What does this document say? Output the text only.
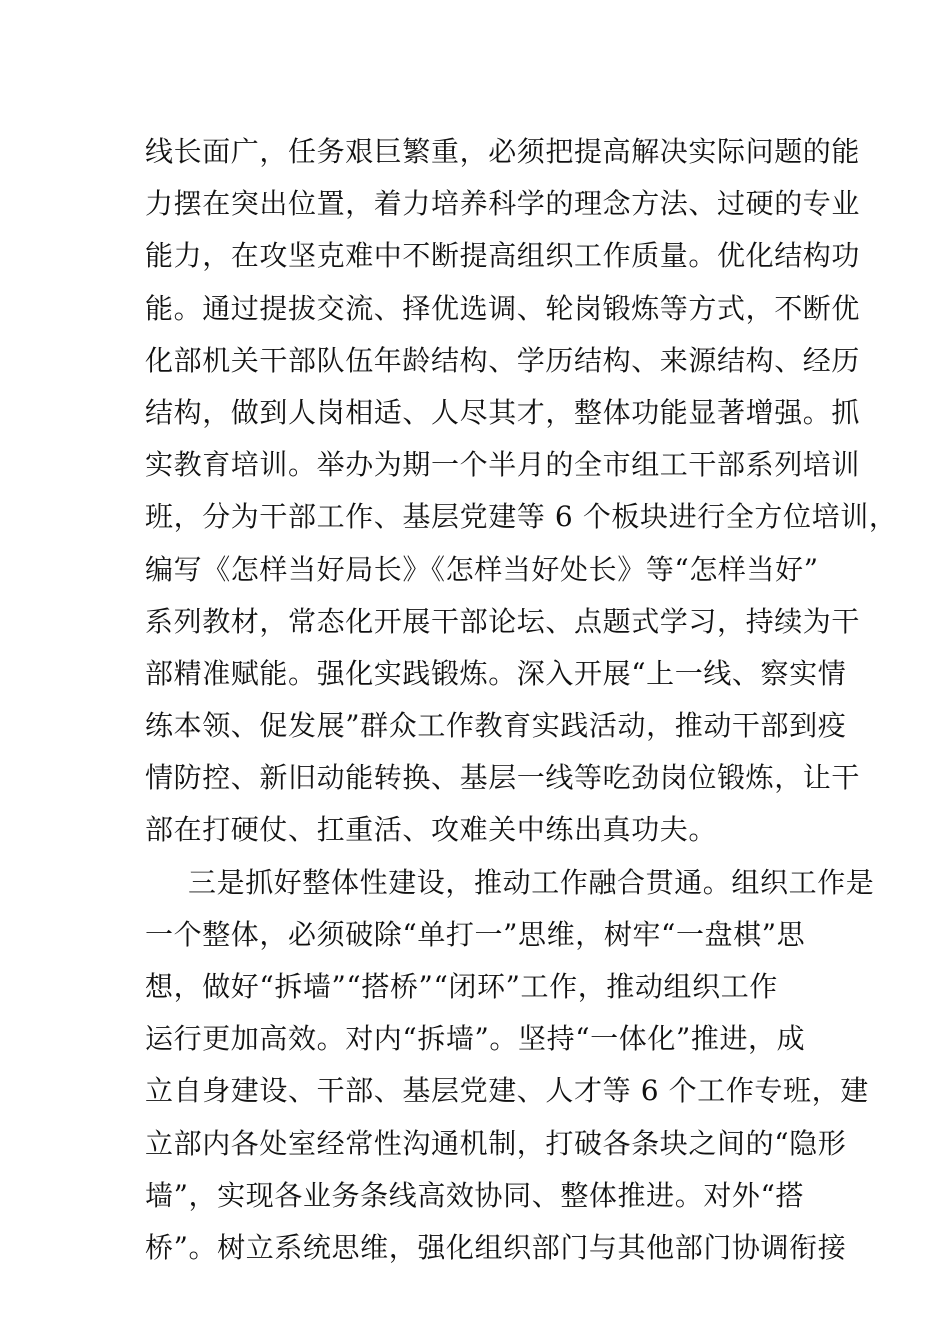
线长面广，任务艰巨繁重，必须把提高解决实际问题的能
力摆在突出位置，着力培养科学的理念方法、过硬的专业
能力，在攻坚克难中不断提高组织工作质量。优化结构功
能。通过提拔交流、择优选调、轮岗锻炼等方式，不断优
化部机关干部队伍年龄结构、学历结构、来源结构、经历
结构，做到人岗相适、人尽其才，整体功能显著增强。抓
实教育培训。举办为期一个半月的全市组工干部系列培训
班，分为干部工作、基层党建等 6 个板块进行全方位培训，
编写《怎样当好局长》《怎样当好处长》等“怎样当好”
系列教材，常态化开展干部论坛、点题式学习，持续为干
部精准赋能。强化实践锻炼。深入开展“上一线、察实情
练本领、促发展”群众工作教育实践活动，推动干部到疫
情防控、新旧动能转换、基层一线等吃劲岗位锻炼，让干
部在打硬仗、扛重活、攻难关中练出真功夫。
三是抓好整体性建设，推动工作融合贯通。组织工作是
一个整体，必须破除“单打一”思维，树牢“一盘棋”思
想，做好“拆墙”“搭桥”“闭环”工作，推动组织工作
运行更加高效。对内“拆墙”。坚持“一体化”推进，成
立自身建设、干部、基层党建、人才等 6 个工作专班，建
立部内各处室经常性沟通机制，打破各条块之间的“隐形
墙”，实现各业务条线高效协同、整体推进。对外“搭
桥”。树立系统思维，强化组织部门与其他部门协调衔接
